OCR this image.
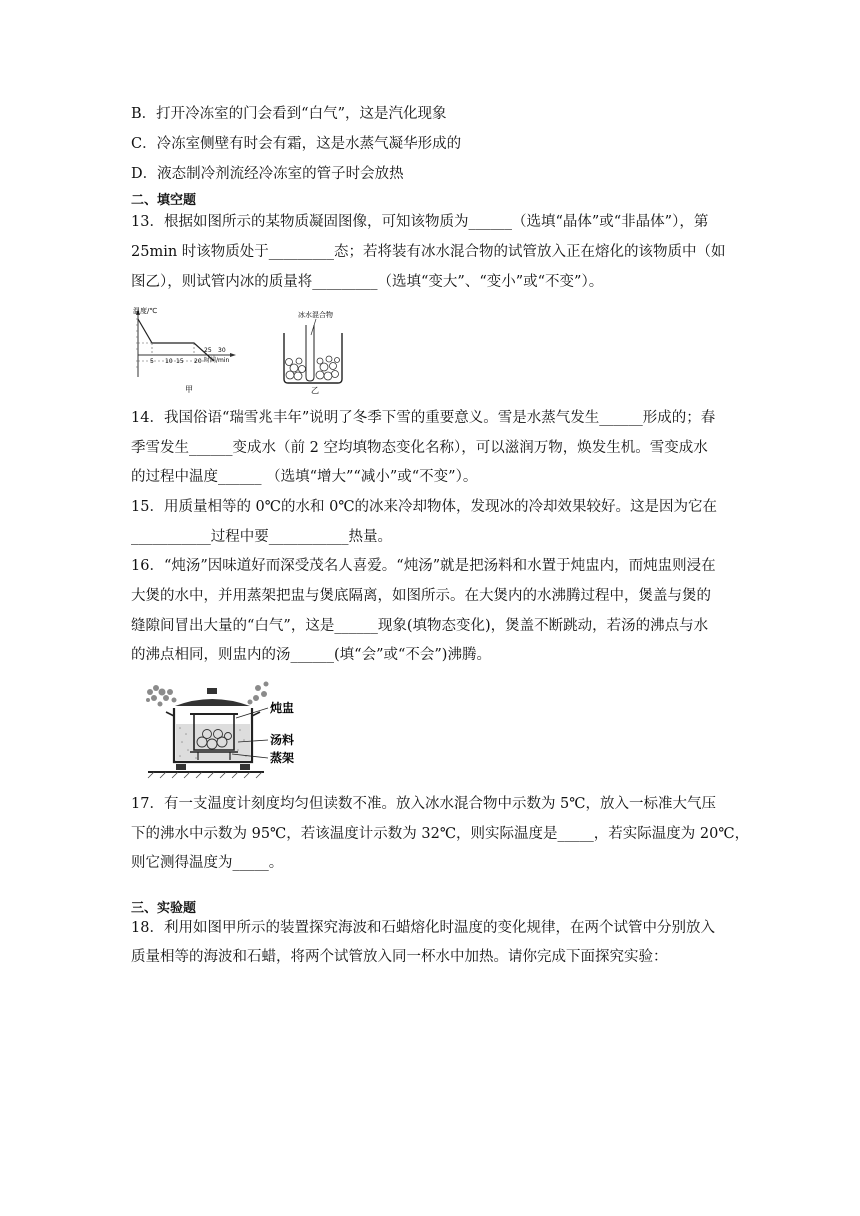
B．打开冷冻室的门会看到“白气”，这是汽化现象
C．冷冻室侧壁有时会有霜，这是水蒸气凝华形成的
D．液态制冷剂流经冷冻室的管子时会放热
二、填空题
13．根据如图所示的某物质凝固图像，可知该物质为______（选填“晶体”或“非晶体”），第
25min 时该物质处于_________态；若将装有冰水混合物的试管放入正在熔化的该物质中（如
图乙），则试管内冰的质量将_________（选填“变大”、“变小”或“不变”）。
温度/℃
时间/min
5 10 15 20
25 30
甲
冰水混合物
乙
14．我国俗语“瑞雪兆丰年”说明了冬季下雪的重要意义。雪是水蒸气发生______形成的；春
季雪发生______变成水（前 2 空均填物态变化名称），可以滋润万物，焕发生机。雪变成水
的过程中温度______ （选填“增大”“减小”或“不变”）。
15．用质量相等的 0℃的水和 0℃的冰来冷却物体，发现冰的冷却效果较好。这是因为它在
___________过程中要___________热量。
16．“炖汤”因味道好而深受茂名人喜爱。“炖汤”就是把汤料和水置于炖盅内，而炖盅则浸在
大煲的水中，并用蒸架把盅与煲底隔离，如图所示。在大煲内的水沸腾过程中，煲盖与煲的
缝隙间冒出大量的“白气”，这是______现象(填物态变化)，煲盖不断跳动，若汤的沸点与水
的沸点相同，则盅内的汤______(填“会”或“不会”)沸腾。
炖盅
汤料
蒸架
17．有一支温度计刻度均匀但读数不准。放入冰水混合物中示数为 5℃，放入一标准大气压
下的沸水中示数为 95℃，若该温度计示数为 32℃，则实际温度是_____，若实际温度为 20℃，
则它测得温度为_____。
三、实验题
18．利用如图甲所示的装置探究海波和石蜡熔化时温度的变化规律，在两个试管中分别放入
质量相等的海波和石蜡，将两个试管放入同一杯水中加热。请你完成下面探究实验：
